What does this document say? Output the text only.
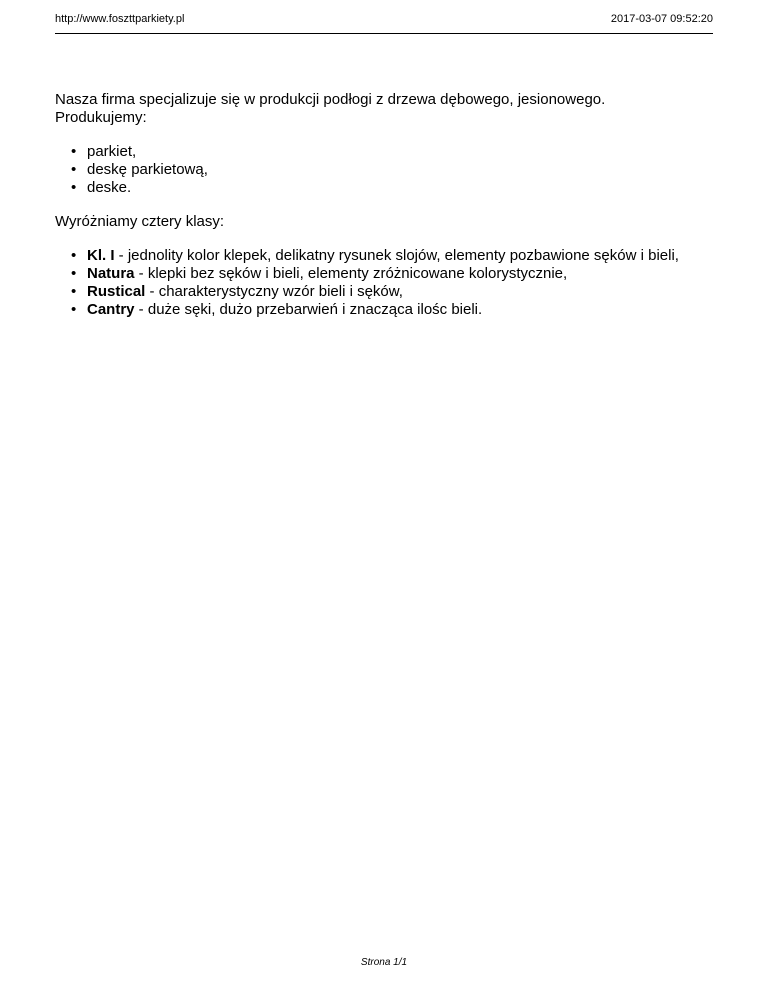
http://www.foszttparkiety.pl	2017-03-07 09:52:20

Nasza firma specjalizuje się w produkcji podłogi z drzewa dębowego, jesionowego.
Produkujemy:

• parkiet,
• deskę parkietową,
• deske.

Wyróżniamy cztery klasy:

• Kl. I - jednolity kolor klepek, delikatny rysunek slojów, elementy pozbawione sęków i bieli,
• Natura - klepki bez sęków i bieli, elementy zróżnicowane kolorystycznie,
• Rustical - charakterystyczny wzór bieli i sęków,
• Cantry - duże sęki, dużo przebarwień i znacząca ilośc bieli.
Strona 1/1
